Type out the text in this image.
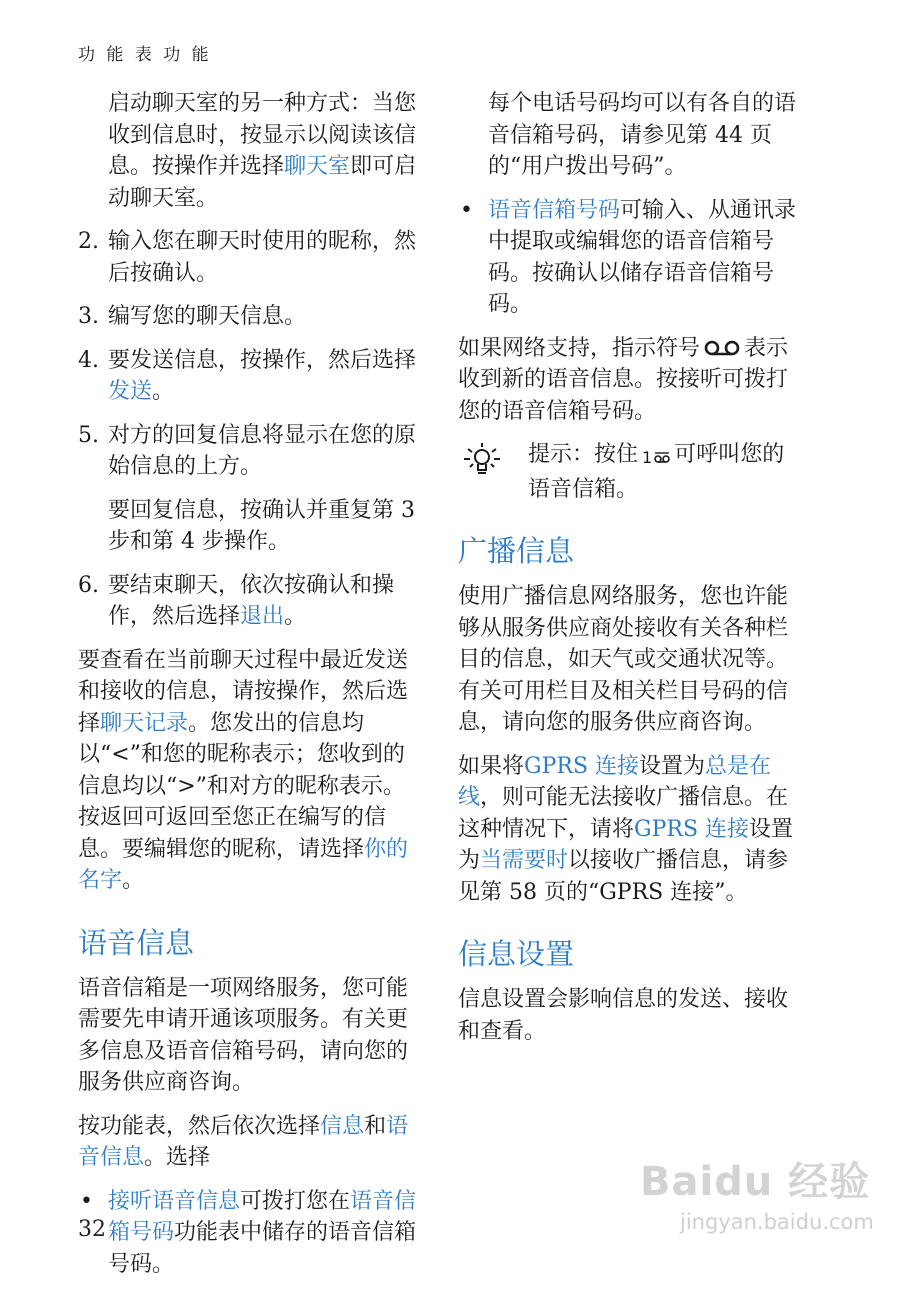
功 能 表 功 能

启动聊天室的另一种方式：当您收到信息时，按显示以阅读该信息。按操作并选择聊天室即可启动聊天室。

2. 输入您在聊天时使用的昵称，然后按确认。
3. 编写您的聊天信息。
4. 要发送信息，按操作，然后选择发送。
5. 对方的回复信息将显示在您的原始信息的上方。

要回复信息，按确认并重复第 3 步和第 4 步操作。

6. 要结束聊天，依次按确认和操作，然后选择退出。

要查看在当前聊天过程中最近发送和接收的信息，请按操作，然后选择聊天记录。您发出的信息均以“<”和您的昵称表示；您收到的信息均以“>”和对方的昵称表示。按返回可返回至您正在编写的信息。要编辑您的昵称，请选择你的名字。

语音信息

语音信箱是一项网络服务，您可能需要先申请开通该项服务。有关更多信息及语音信箱号码，请向您的服务供应商咨询。

按功能表，然后依次选择信息和语音信息。选择

• 接听语音信息可拨打您在语音信箱号码功能表中储存的语音信箱号码。

每个电话号码均可以有各自的语音信箱号码，请参见第 44 页的“用户拨出号码”。

• 语音信箱号码可输入、从通讯录中提取或编辑您的语音信箱号码。按确认以储存语音信箱号码。

如果网络支持，指示符号 表示收到新的语音信息。按接听可拨打您的语音信箱号码。

提示：按住 1 可呼叫您的语音信箱。
广播信息

使用广播信息网络服务，您也许能够从服务供应商处接收有关各种栏目的信息，如天气或交通状况等。有关可用栏目及相关栏目号码的信息，请向您的服务供应商咨询。

如果将GPRS 连接设置为总是在线，则可能无法接收广播信息。在这种情况下，请将GPRS 连接设置为当需要时以接收广播信息，请参见第 58 页的“GPRS 连接”。

信息设置

信息设置会影响信息的发送、接收和查看。

32
Baidu 经验
jingyan.baidu.com
